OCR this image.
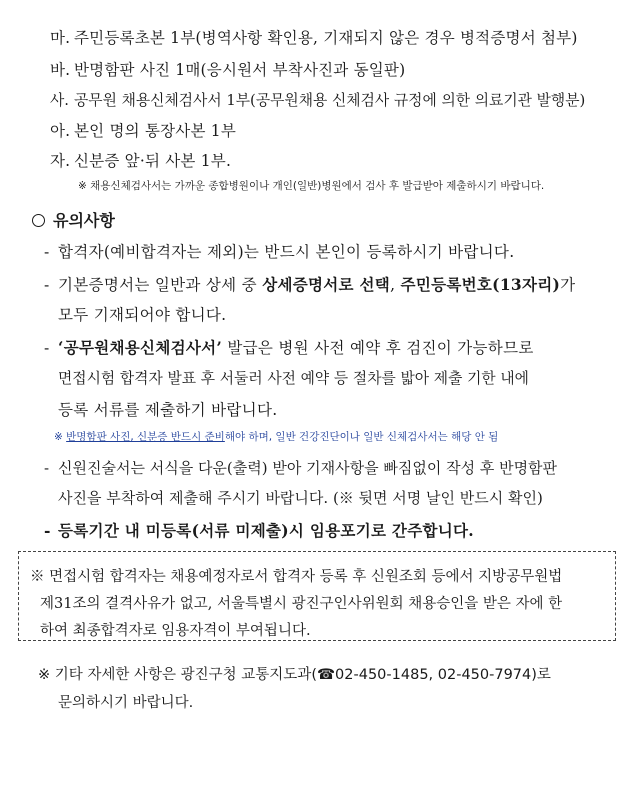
마. 주민등록초본 1부(병역사항 확인용, 기재되지 않은 경우 병적증명서 첨부)
바. 반명함판 사진 1매(응시원서 부착사진과 동일판)
사. 공무원 채용신체검사서 1부(공무원채용 신체검사 규정에 의한 의료기관 발행분)
아. 본인 명의 통장사본 1부
자. 신분증 앞·뒤 사본 1부.
※ 채용신체검사서는 가까운 종합병원이나 개인(일반)병원에서 검사 후 발급받아 제출하시기 바랍니다.
유의사항
- 합격자(예비합격자는 제외)는 반드시 본인이 등록하시기 바랍니다.
- 기본증명서는 일반과 상세 중 상세증명서로 선택, 주민등록번호(13자리)가
모두 기재되어야 합니다.
- ‘공무원채용신체검사서’ 발급은 병원 사전 예약 후 검진이 가능하므로
면접시험 합격자 발표 후 서둘러 사전 예약 등 절차를 밟아 제출 기한 내에
등록 서류를 제출하기 바랍니다.
※ 반명함판 사진, 신분증 반드시 준비해야 하며, 일반 건강진단이나 일반 신체검사서는 해당 안 됨
- 신원진술서는 서식을 다운(출력) 받아 기재사항을 빠짐없이 작성 후 반명함판
사진을 부착하여 제출해 주시기 바랍니다. (※ 뒷면 서명 날인 반드시 확인)
- 등록기간 내 미등록(서류 미제출)시 임용포기로 간주합니다.
※ 면접시험 합격자는 채용예정자로서 합격자 등록 후 신원조회 등에서 지방공무원법
제31조의 결격사유가 없고, 서울특별시 광진구인사위원회 채용승인을 받은 자에 한
하여 최종합격자로 임용자격이 부여됩니다.
※ 기타 자세한 사항은 광진구청 교통지도과(☎02-450-1485, 02-450-7974)로
문의하시기 바랍니다.
